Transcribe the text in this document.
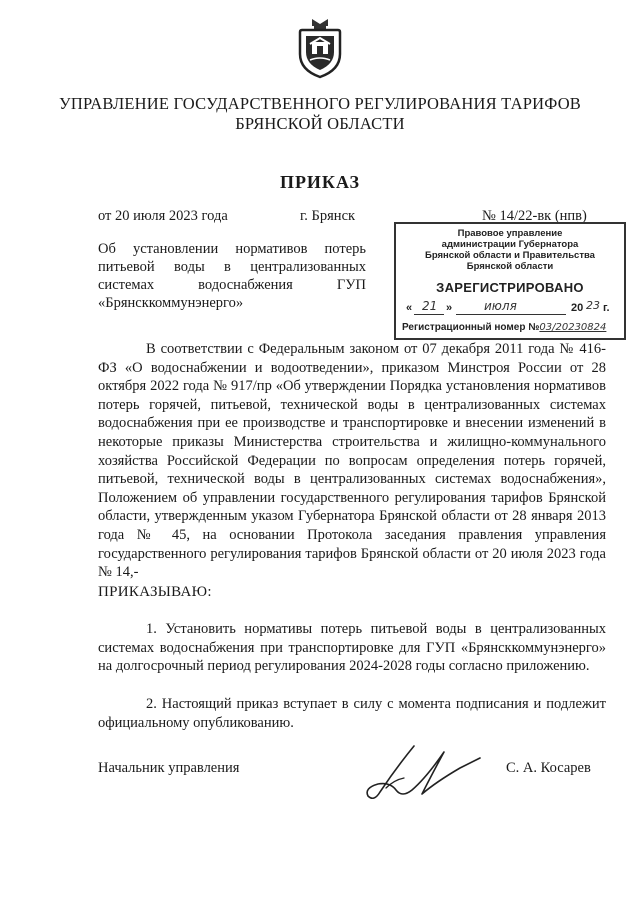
УПРАВЛЕНИЕ ГОСУДАРСТВЕННОГО РЕГУЛИРОВАНИЯ ТАРИФОВ
БРЯНСКОЙ ОБЛАСТИ
ПРИКАЗ
от 20 июля 2023 года	г. Брянск	№ 14/22-вк (нпв)
Об установлении нормативов потерь питьевой воды в централизованных системах водоснабжения ГУП «Брянсккоммунэнерго»
Правовое управление
администрации Губернатора
Брянской области и Правительства
Брянской области
ЗАРЕГИСТРИРОВАНО
« 21 »	июля	20 23 г.
Регистрационный номер №03/20230824

В соответствии с Федеральным законом от 07 декабря 2011 года № 416-ФЗ «О водоснабжении и водоотведении», приказом Минстроя России от 28 октября 2022 года № 917/пр «Об утверждении Порядка установления нормативов потерь горячей, питьевой, технической воды в централизованных системах водоснабжения при ее производстве и транспортировке и внесении изменений в некоторые приказы Министерства строительства и жилищно-коммунального хозяйства Российской Федерации по вопросам определения потерь горячей, питьевой, технической воды в централизованных системах водоснабжения», Положением об управлении государственного регулирования тарифов Брянской области, утвержденным указом Губернатора Брянской области от 28 января 2013 года № 45, на основании Протокола заседания правления управления государственного регулирования тарифов Брянской области от 20 июля 2023 года № 14,-

ПРИКАЗЫВАЮ:

1. Установить нормативы потерь питьевой воды в централизованных системах водоснабжения при транспортировке для ГУП «Брянсккоммунэнерго» на долгосрочный период регулирования 2024-2028 годы согласно приложению.

2. Настоящий приказ вступает в силу с момента подписания и подлежит официальному опубликованию.

Начальник управления	С. А. Косарев
